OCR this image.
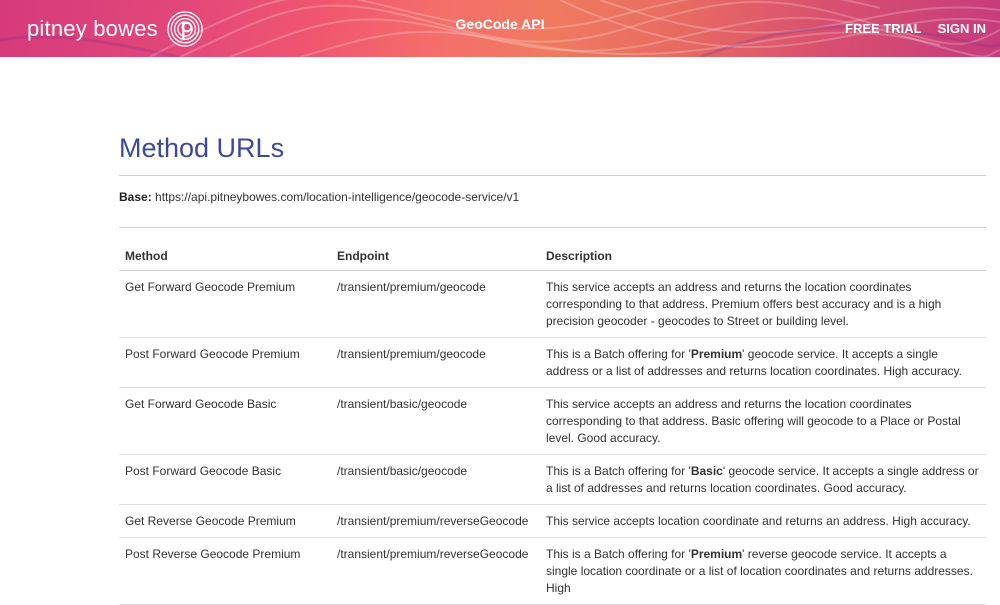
pitney bowes	GeoCode API	FREE TRIAL SIGN IN
Method URLs
Base: https://api.pitneybowes.com/location-intelligence/geocode-service/v1
Method	Endpoint	Description
Get Forward Geocode Premium	/transient/premium/geocode	This service accepts an address and returns the location coordinates corresponding to that address. Premium offers best accuracy and is a high precision geocoder - geocodes to Street or building level.
Post Forward Geocode Premium	/transient/premium/geocode	This is a Batch offering for 'Premium' geocode service. It accepts a single address or a list of addresses and returns location coordinates. High accuracy.
Get Forward Geocode Basic	/transient/basic/geocode	This service accepts an address and returns the location coordinates corresponding to that address. Basic offering will geocode to a Place or Postal level. Good accuracy.
Post Forward Geocode Basic	/transient/basic/geocode	This is a Batch offering for 'Basic' geocode service. It accepts a single address or a list of addresses and returns location coordinates. Good accuracy.
Get Reverse Geocode Premium	/transient/premium/reverseGeocode	This service accepts location coordinate and returns an address. High accuracy.
Post Reverse Geocode Premium	/transient/premium/reverseGeocode	This is a Batch offering for 'Premium' reverse geocode service. It accepts a single location coordinate or a list of location coordinates and returns addresses. High
